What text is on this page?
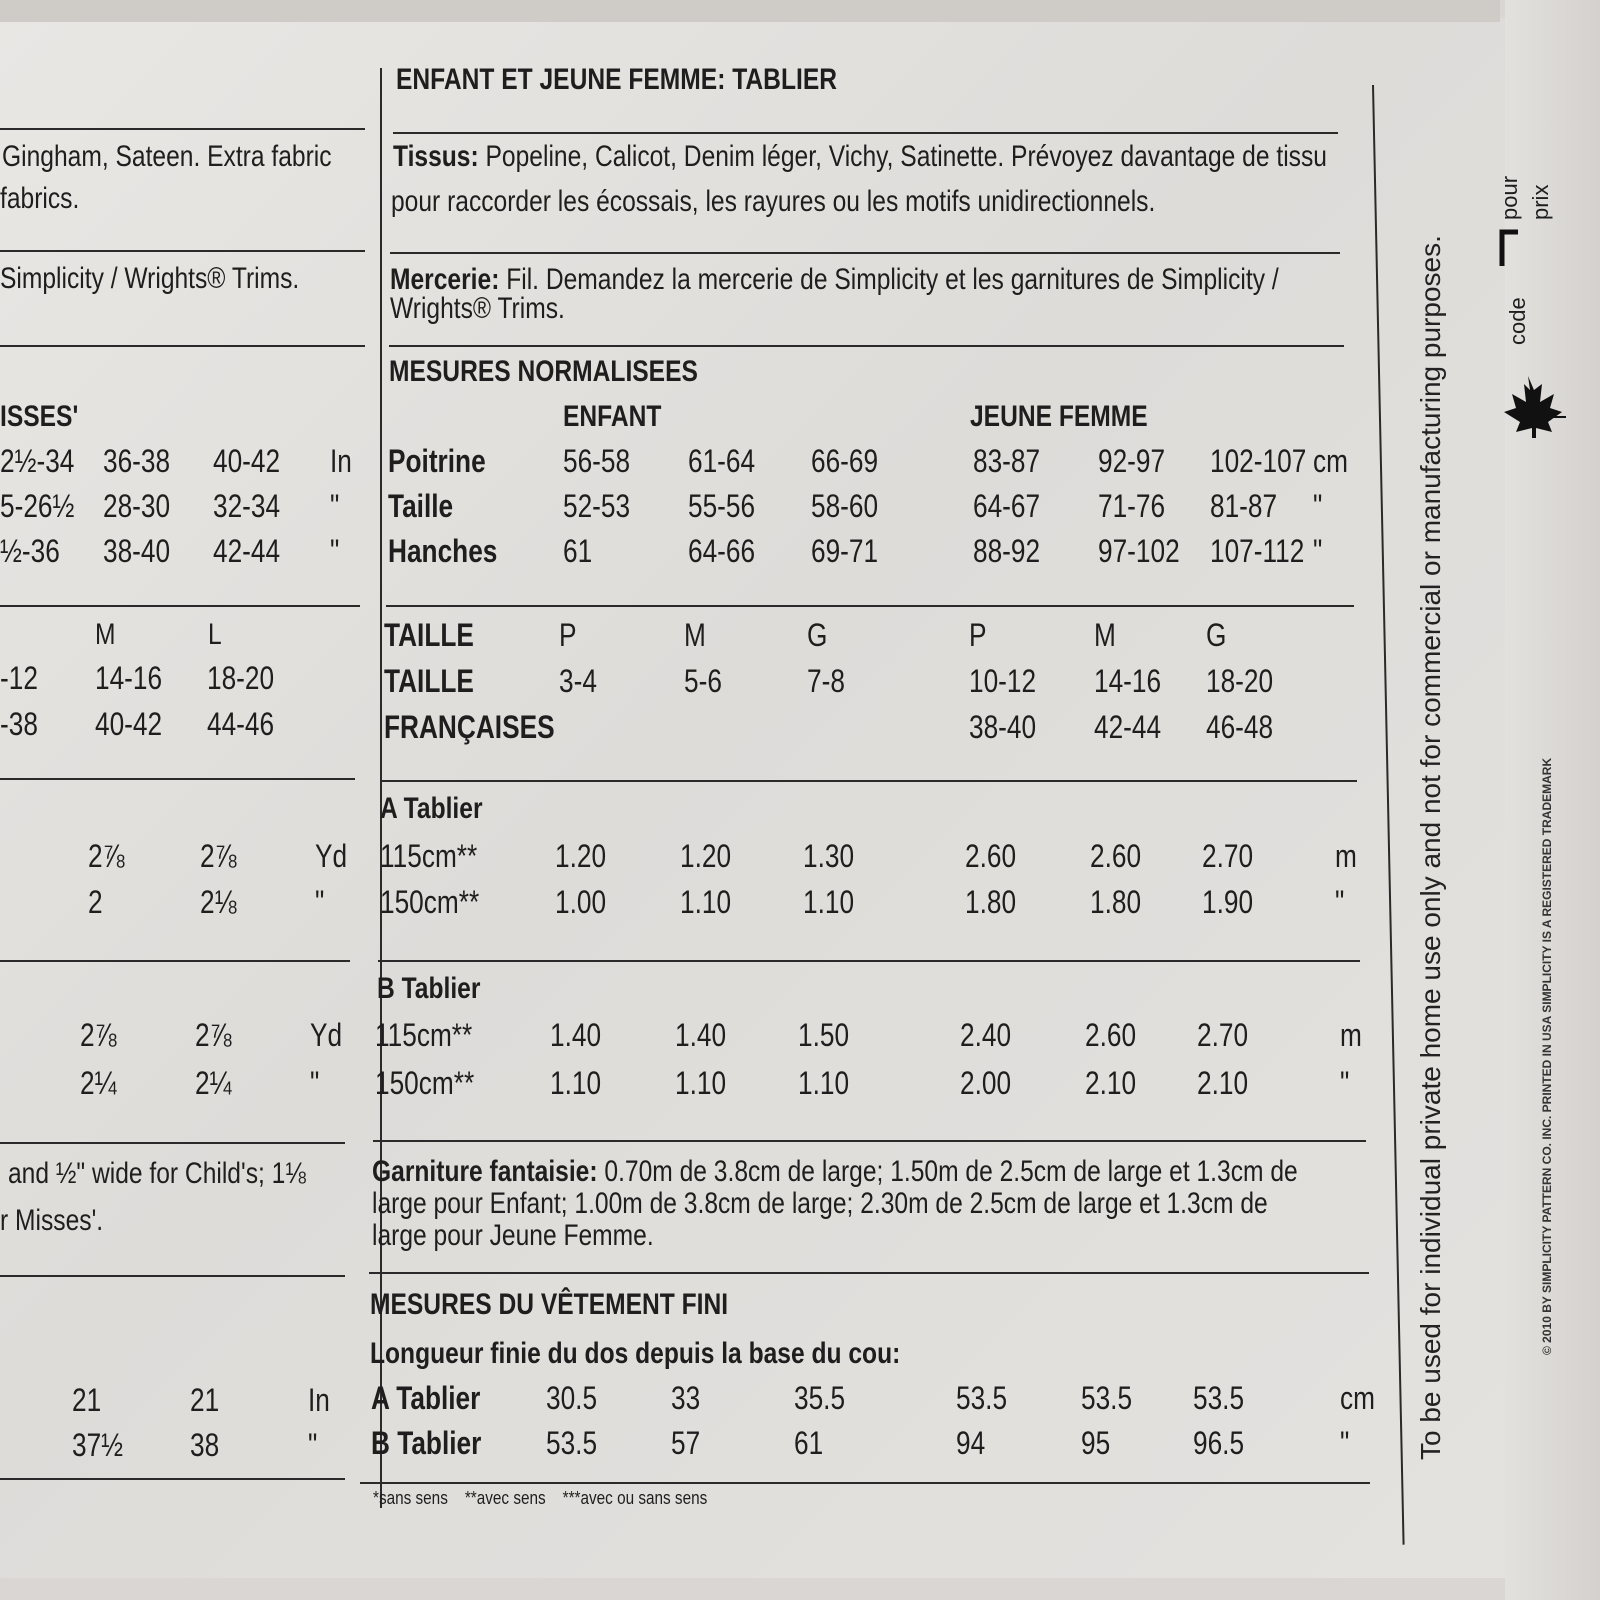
Gingham, Sateen. Extra fabric
fabrics.
Simplicity / Wrights® Trims.
ISSES'
2½-34 36-38 40-42 In
5-26½ 28-30 32-34 "
½-36 38-40 42-44 "
M	L
-12 14-16 18-20
-38 40-42 44-46
2⅞ 2⅞ Yd
2	2⅛ "
2⅞ 2⅞ Yd
2¼ 2¼ "
and ½" wide for Child's; 1⅛
r Misses'.
21	21	In
37½ 38	"
ENFANT ET JEUNE FEMME: TABLIER
Tissus: Popeline, Calicot, Denim léger, Vichy, Satinette. Prévoyez davantage de tissu
pour raccorder les écossais, les rayures ou les motifs unidirectionnels.
Mercerie: Fil. Demandez la mercerie de Simplicity et les garnitures de Simplicity /
Wrights® Trims.
MESURES NORMALISEES
ENFANT	JEUNE FEMME
Poitrine 56-58 61-64 66-69	83-87 92-97 102-107 cm
Taille	52-53 55-56 58-60	64-67 71-76 81-87 "
Hanches 61	64-66 69-71	88-92 97-102 107-112 "
TAILLE	P	M	G	P	M	G
TAILLE	3-4	5-6	7-8	10-12 14-16 18-20
FRANÇAISES	38-40 42-44 46-48
A Tablier
115cm** 1.20 1.20 1.30	2.60 2.60 2.70	m
150cm** 1.00 1.10 1.10	1.80 1.80 1.90	"
B Tablier
115cm** 1.40 1.40 1.50	2.40 2.60 2.70	m
150cm** 1.10 1.10 1.10	2.00 2.10 2.10	"
Garniture fantaisie: 0.70m de 3.8cm de large; 1.50m de 2.5cm de large et 1.3cm de
large pour Enfant; 1.00m de 3.8cm de large; 2.30m de 2.5cm de large et 1.3cm de
large pour Jeune Femme.
MESURES DU VÊTEMENT FINI
Longueur finie du dos depuis la base du cou:
A Tablier 30.5 33	35.5	53.5 53.5 53.5	cm
B Tablier 53.5 57	61	94	95	96.5	"
*sans sens    **avec sens    ***avec ou sans sens
To be used for individual private home use only and not for commercial or manufacturing purposes.	© 2010 BY SIMPLICITY PATTERN CO. INC. PRINTED IN USA SIMPLICITY IS A REGISTERED TRADEMARK
code
pour prix
